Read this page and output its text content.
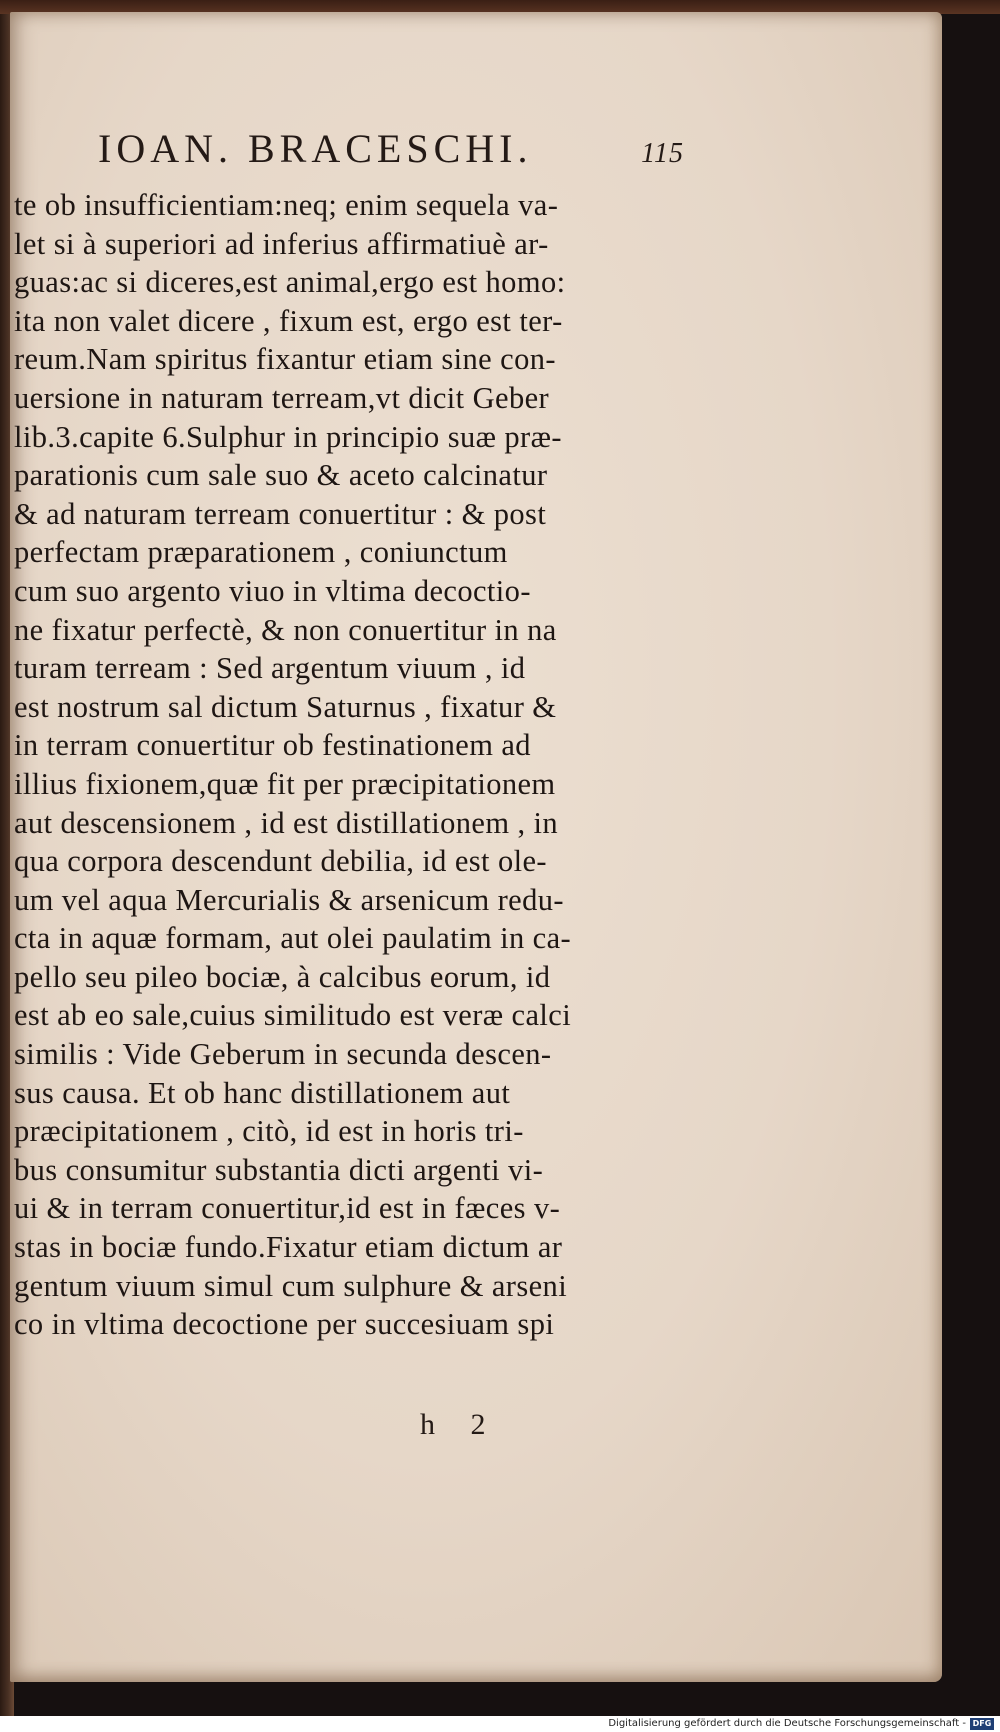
IOAN. BRACESCHI.	115
te ob insufficientiam:neq; enim sequela va-
let si à superiori ad inferius affirmatiuè ar-
guas:ac si diceres,est animal,ergo est homo:
ita non valet dicere , fixum est, ergo est ter-
reum.Nam spiritus fixantur etiam sine con-
uersione in naturam terream,vt dicit Geber
lib.3.capite 6.Sulphur in principio suæ præ-
parationis cum sale suo & aceto calcinatur
& ad naturam terream conuertitur : & post
perfectam præparationem , coniunctum
cum suo argento viuo in vltima decoctio-
ne fixatur perfectè, & non conuertitur in na
turam terream : Sed argentum viuum , id
est nostrum sal dictum Saturnus , fixatur &
in terram conuertitur ob festinationem ad
illius fixionem,quæ fit per præcipitationem
aut descensionem , id est distillationem , in
qua corpora descendunt debilia, id est ole-
um vel aqua Mercurialis & arsenicum redu-
cta in aquæ formam, aut olei paulatim in ca-
pello seu pileo bociæ, à calcibus eorum, id
est ab eo sale,cuius similitudo est veræ calci
similis : Vide Geberum in secunda descen-
sus causa. Et ob hanc distillationem aut
præcipitationem , citò, id est in horis tri-
bus consumitur substantia dicti argenti vi-
ui & in terram conuertitur,id est in fæces v-
stas in bociæ fundo.Fixatur etiam dictum ar
gentum viuum simul cum sulphure & arseni
co in vltima decoctione per succesiuam spi
h 2
Digitalisierung gefördert durch die Deutsche Forschungsgemeinschaft - DFG
